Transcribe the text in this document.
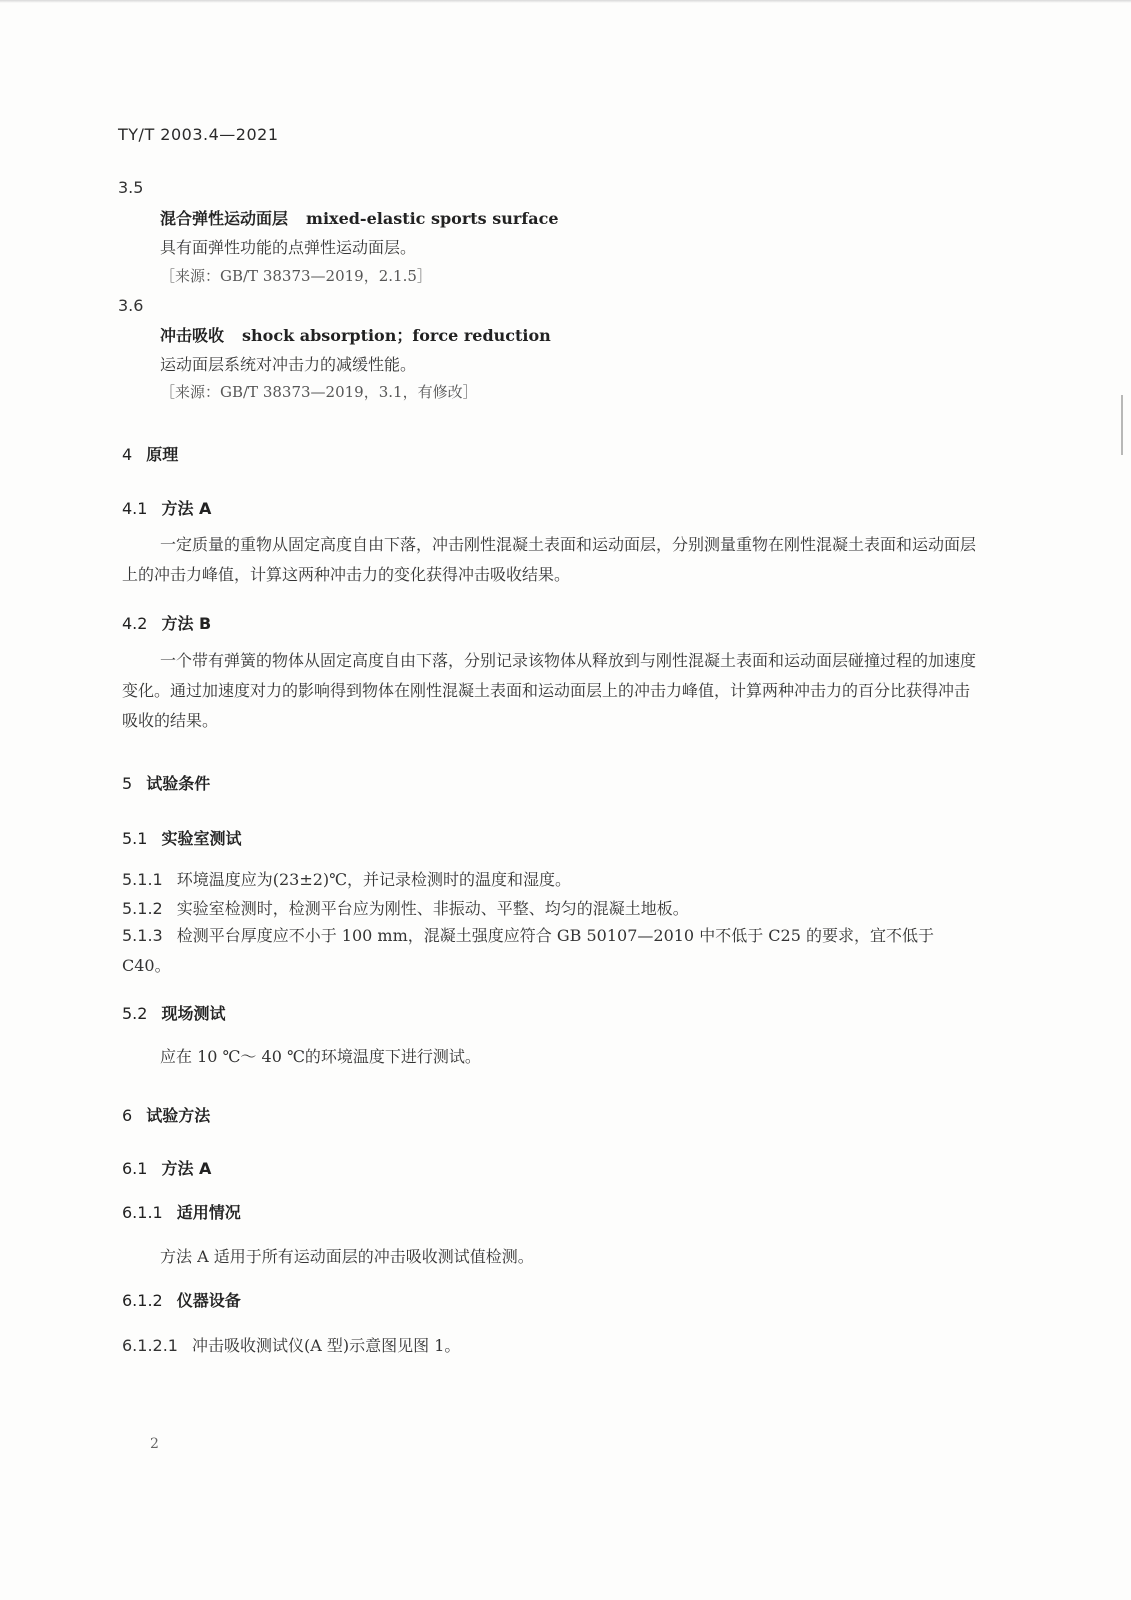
TY/T 2003.4—2021
3.5
混合弹性运动面层 mixed-elastic sports surface
具有面弹性功能的点弹性运动面层。
［来源：GB/T 38373—2019，2.1.5］
3.6
冲击吸收 shock absorption；force reduction
运动面层系统对冲击力的减缓性能。
［来源：GB/T 38373—2019，3.1，有修改］
4 原理
4.1 方法 A
一定质量的重物从固定高度自由下落，冲击刚性混凝土表面和运动面层，分别测量重物在刚性混凝土表面和运动面层上的冲击力峰值，计算这两种冲击力的变化获得冲击吸收结果。
4.2 方法 B
一个带有弹簧的物体从固定高度自由下落，分别记录该物体从释放到与刚性混凝土表面和运动面层碰撞过程的加速度变化。通过加速度对力的影响得到物体在刚性混凝土表面和运动面层上的冲击力峰值，计算两种冲击力的百分比获得冲击吸收的结果。
5 试验条件
5.1 实验室测试
5.1.1 环境温度应为(23±2)℃，并记录检测时的温度和湿度。
5.1.2 实验室检测时，检测平台应为刚性、非振动、平整、均匀的混凝土地板。
5.1.3 检测平台厚度应不小于 100 mm，混凝土强度应符合 GB 50107—2010 中不低于 C25 的要求，宜不低于 C40。
5.2 现场测试
应在 10 ℃～ 40 ℃的环境温度下进行测试。
6 试验方法
6.1 方法 A
6.1.1 适用情况
方法 A 适用于所有运动面层的冲击吸收测试值检测。
6.1.2 仪器设备
6.1.2.1 冲击吸收测试仪(A 型)示意图见图 1。
2
